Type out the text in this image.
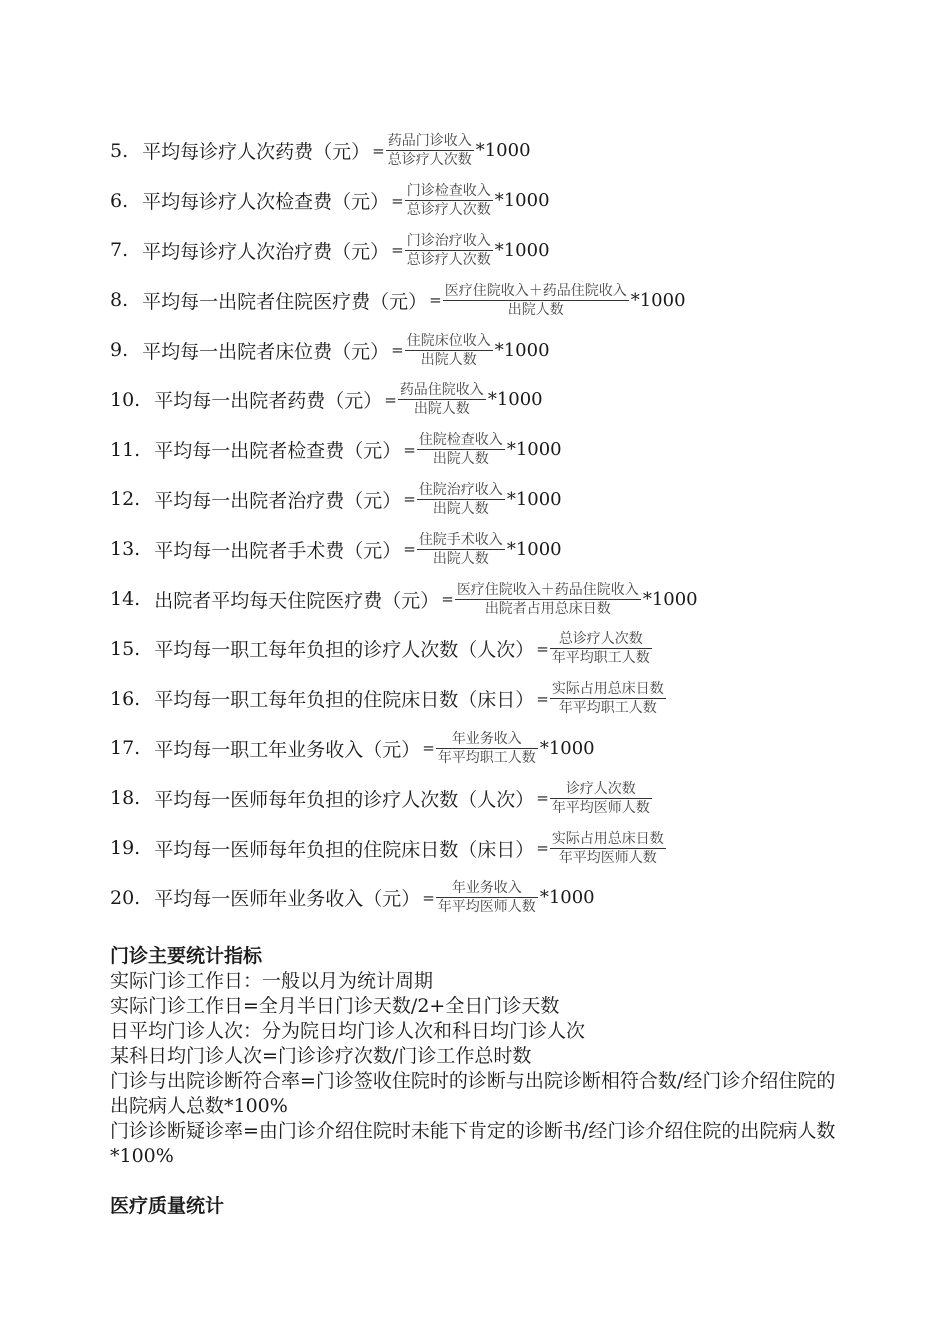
5. 平均每诊疗人次药费（元） = $\frac{\text{药品门诊收入}}{\text{总诊疗人次数}} *1000$
6. 平均每诊疗人次检查费（元） = $\frac{\text{门诊检查收入}}{\text{总诊疗人次数}} *1000$
7. 平均每诊疗人次治疗费（元） = $\frac{\text{门诊治疗收入}}{\text{总诊疗人次数}} *1000$
8. 平均每一出院者住院医疗费（元） = $\frac{\text{医疗住院收入＋药品住院收入}}{\text{出院人数}} *1000$
9. 平均每一出院者床位费（元） = $\frac{\text{住院床位收入}}{\text{出院人数}} *1000$
10. 平均每一出院者药费（元） = $\frac{\text{药品住院收入}}{\text{出院人数}} *1000$
11. 平均每一出院者检查费（元） = $\frac{\text{住院检查收入}}{\text{出院人数}} *1000$
12. 平均每一出院者治疗费（元） = $\frac{\text{住院治疗收入}}{\text{出院人数}} *1000$
13. 平均每一出院者手术费（元） = $\frac{\text{住院手术收入}}{\text{出院人数}} *1000$
14. 出院者平均每天住院医疗费（元） = $\frac{\text{医疗住院收入＋药品住院收入}}{\text{出院者占用总床日数}} *1000$
15. 平均每一职工每年负担的诊疗人次数（人次） = $\frac{\text{总诊疗人次数}}{\text{年平均职工人数}}$
16. 平均每一职工每年负担的住院床日数（床日） = $\frac{\text{实际占用总床日数}}{\text{年平均职工人数}}$
17. 平均每一职工年业务收入（元） = $\frac{\text{年业务收入}}{\text{年平均职工人数}} *1000$
18. 平均每一医师每年负担的诊疗人次数（人次） = $\frac{\text{诊疗人次数}}{\text{年平均医师人数}}$
19. 平均每一医师每年负担的住院床日数（床日） = $\frac{\text{实际占用总床日数}}{\text{年平均医师人数}}$
20. 平均每一医师年业务收入（元） = $\frac{\text{年业务收入}}{\text{年平均医师人数}} *1000$
门诊主要统计指标
实际门诊工作日：一般以月为统计周期
实际门诊工作日=全月半日门诊天数/2+全日门诊天数
日平均门诊人次：分为院日均门诊人次和科日均门诊人次
某科日均门诊人次=门诊诊疗次数/门诊工作总时数
门诊与出院诊断符合率=门诊签收住院时的诊断与出院诊断相符合数/经门诊介绍住院的出院病人总数*100%
门诊诊断疑诊率=由门诊介绍住院时未能下肯定的诊断书/经门诊介绍住院的出院病人数*100%
医疗质量统计
